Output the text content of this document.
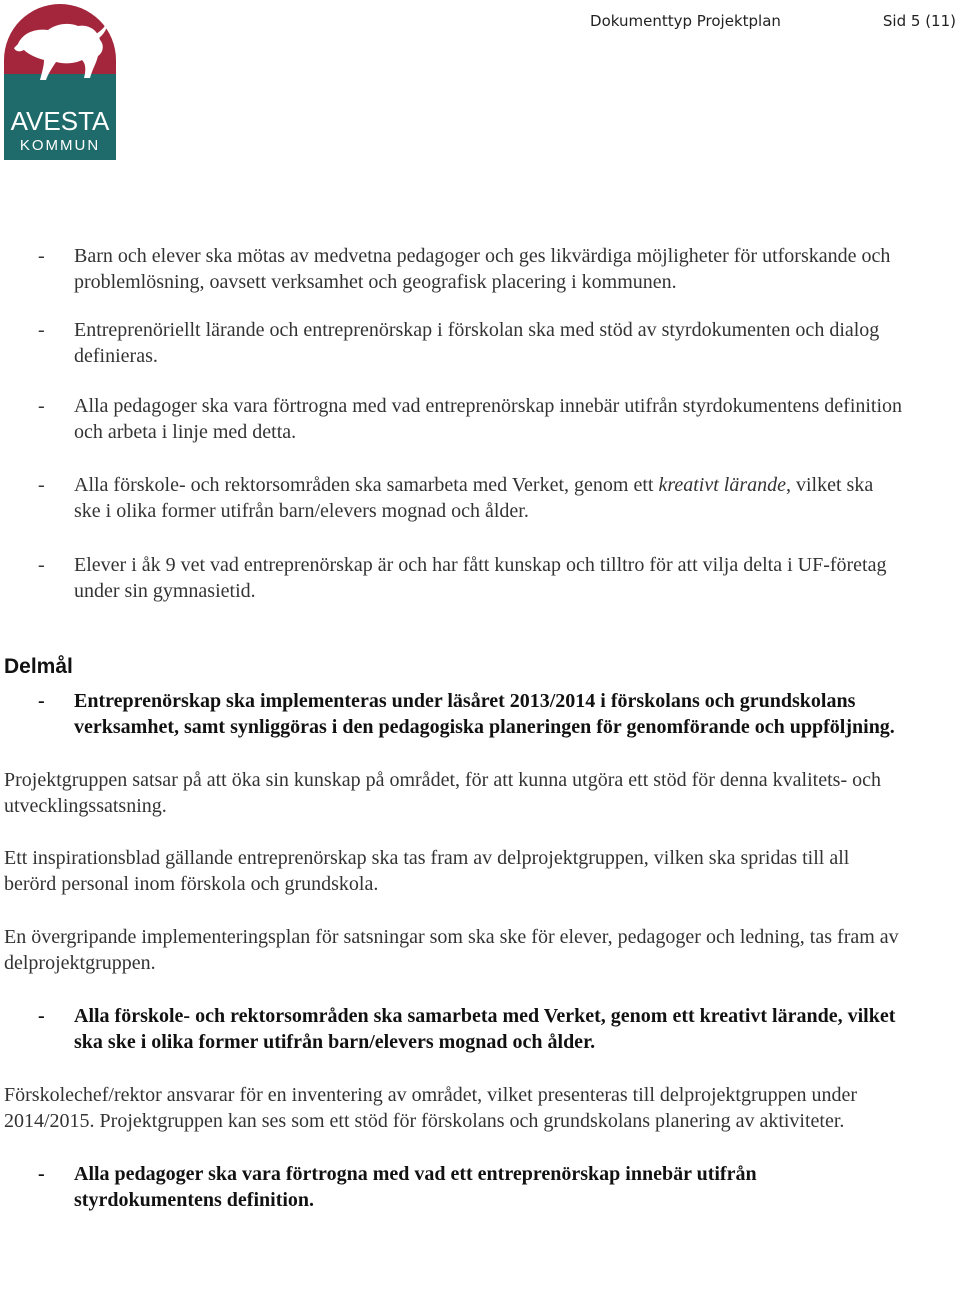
AVESTA
KOMMUN
Dokumenttyp Projektplan	Sid 5 (11)
- Barn och elever ska mötas av medvetna pedagoger och ges likvärdiga möjligheter för utforskande och problemlösning, oavsett verksamhet och geografisk placering i kommunen.
- Entreprenöriellt lärande och entreprenörskap i förskolan ska med stöd av styrdokumenten och dialog definieras.
- Alla pedagoger ska vara förtrogna med vad entreprenörskap innebär utifrån styrdokumentens definition och arbeta i linje med detta.
- Alla förskole- och rektorsområden ska samarbeta med Verket, genom ett kreativt lärande, vilket ska ske i olika former utifrån barn/elevers mognad och ålder.
- Elever i åk 9 vet vad entreprenörskap är och har fått kunskap och tilltro för att vilja delta i UF-företag under sin gymnasietid.
Delmål
- Entreprenörskap ska implementeras under läsåret 2013/2014 i förskolans och grundskolans verksamhet, samt synliggöras i den pedagogiska planeringen för genomförande och uppföljning.
Projektgruppen satsar på att öka sin kunskap på området, för att kunna utgöra ett stöd för denna kvalitets- och utvecklingssatsning.
Ett inspirationsblad gällande entreprenörskap ska tas fram av delprojektgruppen, vilken ska spridas till all berörd personal inom förskola och grundskola.
En övergripande implementeringsplan för satsningar som ska ske för elever, pedagoger och ledning, tas fram av delprojektgruppen.
- Alla förskole- och rektorsområden ska samarbeta med Verket, genom ett kreativt lärande, vilket ska ske i olika former utifrån barn/elevers mognad och ålder.
Förskolechef/rektor ansvarar för en inventering av området, vilket presenteras till delprojektgruppen under 2014/2015. Projektgruppen kan ses som ett stöd för förskolans och grundskolans planering av aktiviteter.
- Alla pedagoger ska vara förtrogna med vad ett entreprenörskap innebär utifrån styrdokumentens definition.
